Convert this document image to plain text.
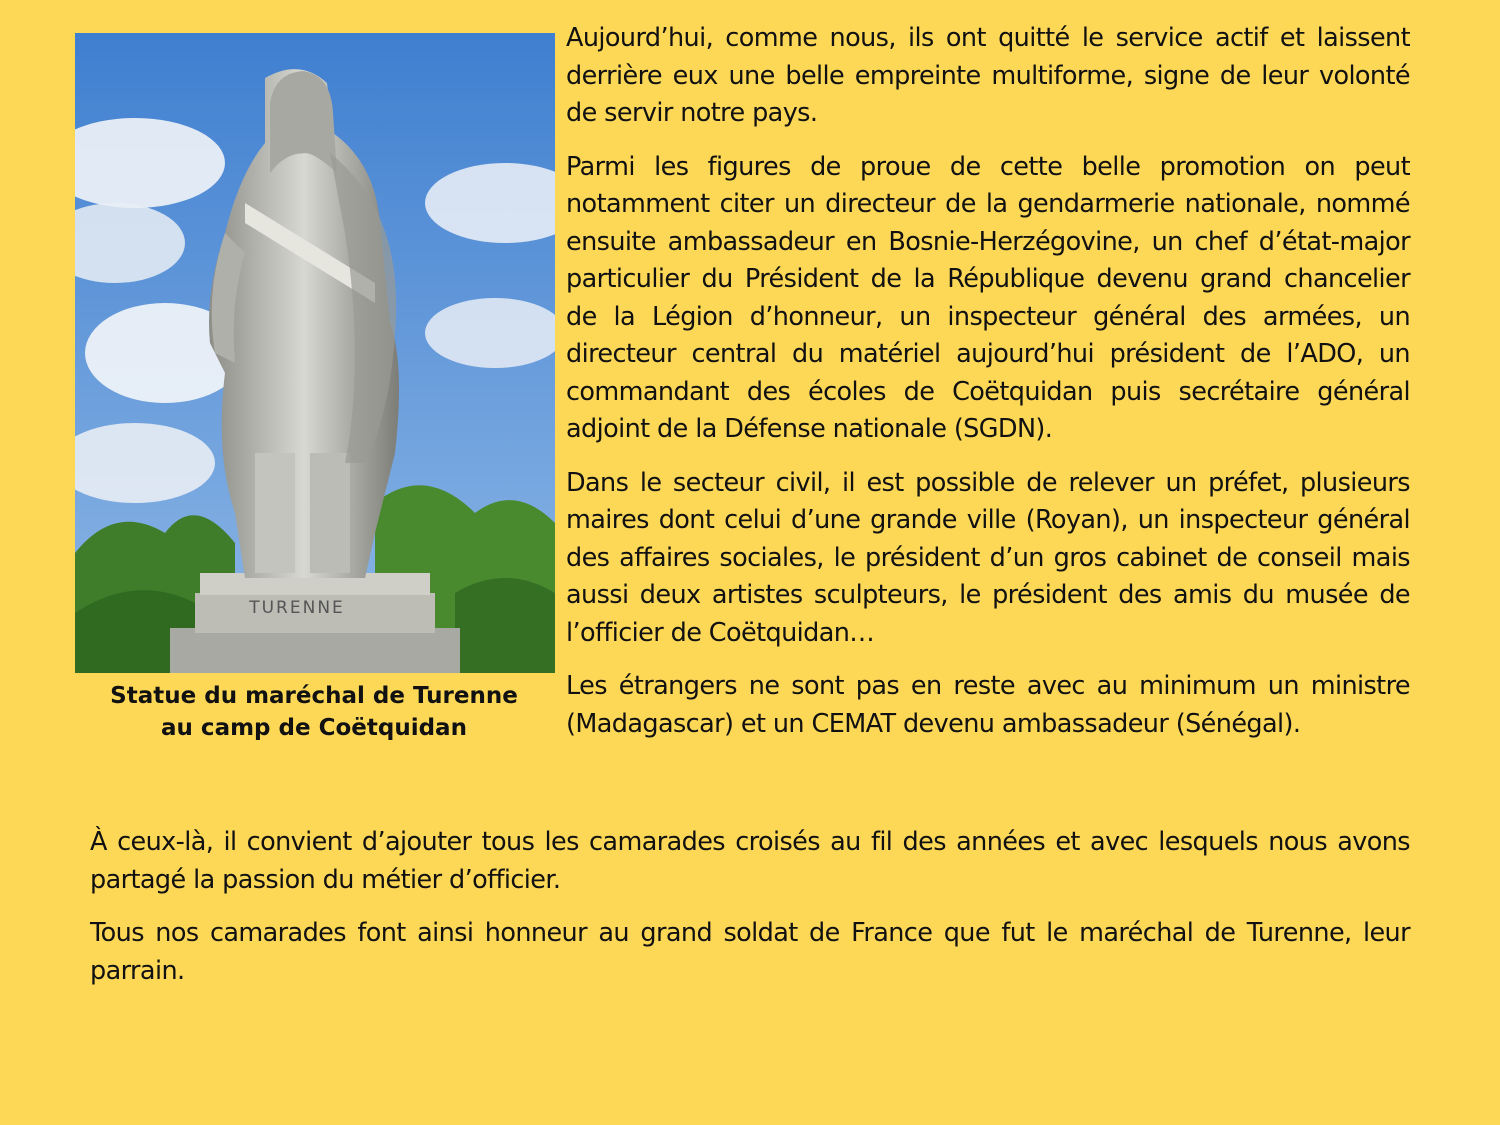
TURENNE
Statue du maréchal de Turenne
au camp de Coëtquidan

Aujourd’hui, comme nous, ils ont quitté le service actif et laissent derrière eux une belle empreinte multiforme, signe de leur volonté de servir notre pays.

Parmi les figures de proue de cette belle promotion on peut notamment citer un directeur de la gendarmerie nationale, nommé ensuite ambassadeur en Bosnie-Herzégovine, un chef d’état-major particulier du Président de la République devenu grand chancelier de la Légion d’honneur, un inspecteur général des armées, un directeur central du matériel aujourd’hui président de l’ADO, un commandant des écoles de Coëtquidan puis secrétaire général adjoint de la Défense nationale (SGDN).

Dans le secteur civil, il est possible de relever un préfet, plusieurs maires dont celui d’une grande ville (Royan), un inspecteur général des affaires sociales, le président d’un gros cabinet de conseil mais aussi deux artistes sculpteurs, le président des amis du musée de l’officier de Coëtquidan…

Les étrangers ne sont pas en reste avec au minimum un ministre (Madagascar) et un CEMAT devenu ambassadeur (Sénégal).

À ceux-là, il convient d’ajouter tous les camarades croisés au fil des années et avec lesquels nous avons partagé la passion du métier d’officier.

Tous nos camarades font ainsi honneur au grand soldat de France que fut le maréchal de Turenne, leur parrain.
